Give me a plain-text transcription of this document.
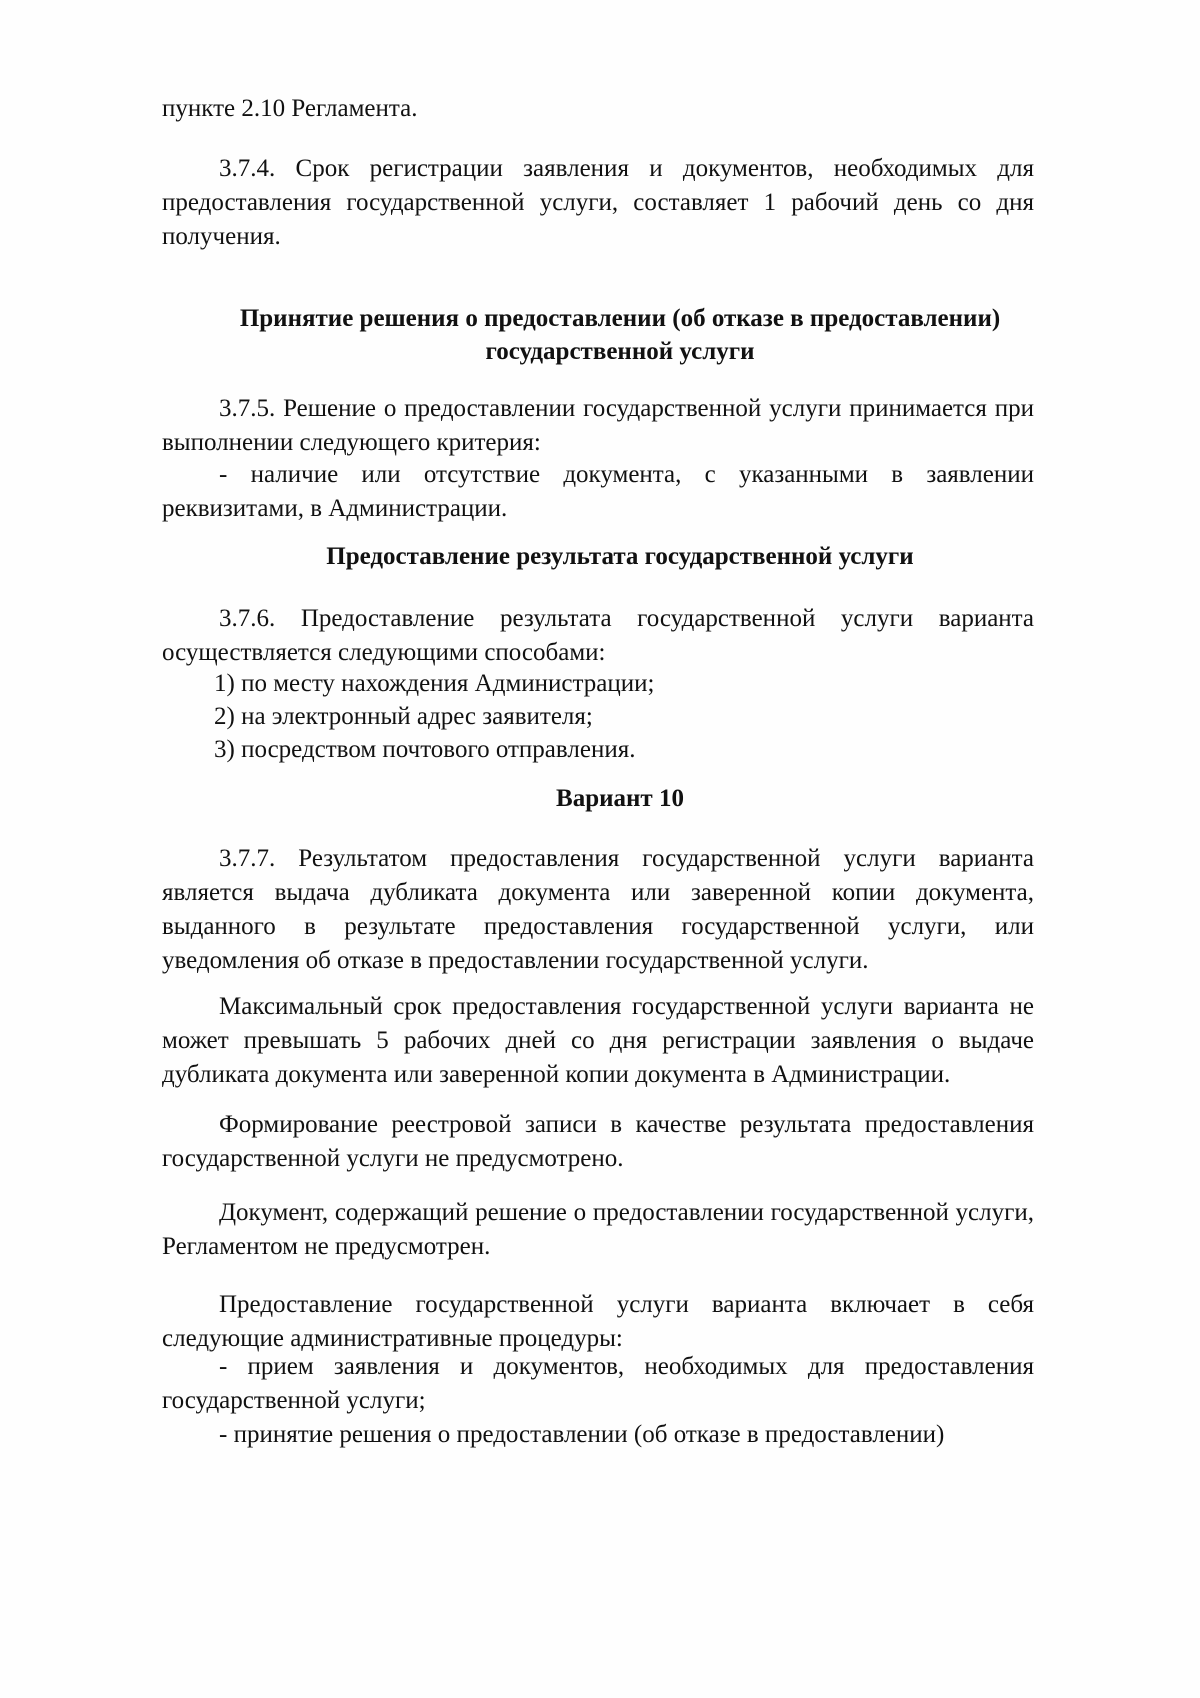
пункте 2.10 Регламента.
3.7.4. Срок регистрации заявления и документов, необходимых для предоставления государственной услуги, составляет 1 рабочий день со дня получения.
Принятие решения о предоставлении (об отказе в предоставлении) государственной услуги
3.7.5. Решение о предоставлении государственной услуги принимается при выполнении следующего критерия:
- наличие или отсутствие документа, с указанными в заявлении реквизитами, в Администрации.
Предоставление результата государственной услуги
3.7.6. Предоставление результата государственной услуги варианта осуществляется следующими способами:
1) по месту нахождения Администрации;
2) на электронный адрес заявителя;
3) посредством почтового отправления.
Вариант 10
3.7.7. Результатом предоставления государственной услуги варианта является выдача дубликата документа или заверенной копии документа, выданного в результате предоставления государственной услуги, или уведомления об отказе в предоставлении государственной услуги.
Максимальный срок предоставления государственной услуги варианта не может превышать 5 рабочих дней со дня регистрации заявления о выдаче дубликата документа или заверенной копии документа в Администрации.
Формирование реестровой записи в качестве результата предоставления государственной услуги не предусмотрено.
Документ, содержащий решение о предоставлении государственной услуги, Регламентом не предусмотрен.
Предоставление государственной услуги варианта включает в себя следующие административные процедуры:
- прием заявления и документов, необходимых для предоставления государственной услуги;
- принятие решения о предоставлении (об отказе в предоставлении)
